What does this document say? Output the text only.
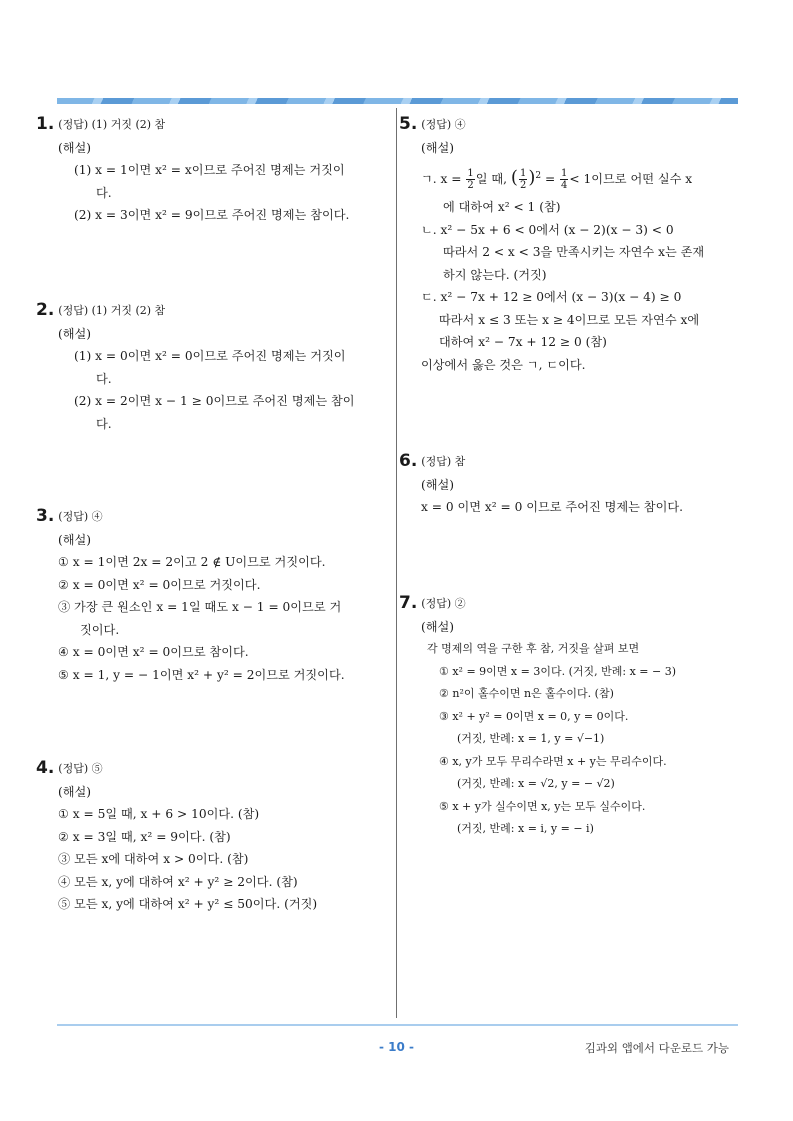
1. (정답) (1) 거짓 (2) 참
(해설)
(1) x = 1이면 x² = x이므로 주어진 명제는 거짓이
다.
(2) x = 3이면 x² = 9이므로 주어진 명제는 참이다.
2. (정답) (1) 거짓 (2) 참
(해설)
(1) x = 0이면 x² = 0이므로 주어진 명제는 거짓이
다.
(2) x = 2이면 x − 1 ≥ 0이므로 주어진 명제는 참이
다.
3. (정답) ④
(해설)
① x = 1이면 2x = 2이고 2 ∉ U이므로 거짓이다.
② x = 0이면 x² = 0이므로 거짓이다.
③ 가장 큰 원소인 x = 1일 때도 x − 1 = 0이므로 거
짓이다.
④ x = 0이면 x² = 0이므로 참이다.
⑤ x = 1, y = − 1이면 x² + y² = 2이므로 거짓이다.
4. (정답) ⑤
(해설)
① x = 5일 때, x + 6 > 10이다. (참)
② x = 3일 때, x² = 9이다. (참)
③ 모든 x에 대하여 x > 0이다. (참)
④ 모든 x, y에 대하여 x² + y² ≥ 2이다. (참)
⑤ 모든 x, y에 대하여 x² + y² ≤ 50이다. (거짓)
5. (정답) ④
(해설)
ㄱ. $x = \frac{1}{2}$ 일 때, ( $\frac{1}{2} )^2 = \frac{1}{4} < 1$이므로 어떤 실수 x
에 대하여 x² < 1 (참)
ㄴ. x² − 5x + 6 < 0에서 (x − 2)(x − 3) < 0
따라서 2 < x < 3을 만족시키는 자연수 x는 존재
하지 않는다. (거짓)
ㄷ. x² − 7x + 12 ≥ 0에서 (x − 3)(x − 4) ≥ 0
따라서 x ≤ 3 또는 x ≥ 4이므로 모든 자연수 x에
대하여 x² − 7x + 12 ≥ 0 (참)
이상에서 옳은 것은 ㄱ, ㄷ이다.
6. (정답) 참
(해설)
x = 0 이면 x² = 0 이므로 주어진 명제는 참이다.
7. (정답) ②
(해설)
각 명제의 역을 구한 후 참, 거짓을 살펴 보면
① x² = 9이면 x = 3이다. (거짓, 반례: x = − 3)
② n²이 홀수이면 n은 홀수이다. (참)
③ x² + y² = 0이면 x = 0, y = 0이다.
(거짓, 반례: x = 1, y = √−1)
④ x, y가 모두 무리수라면 x + y는 무리수이다.
(거짓, 반례: x = √2, y = − √2)
⑤ x + y가 실수이면 x, y는 모두 실수이다.
(거짓, 반례: x = i, y = − i)
- 10 -	김과외 앱에서 다운로드 가능
